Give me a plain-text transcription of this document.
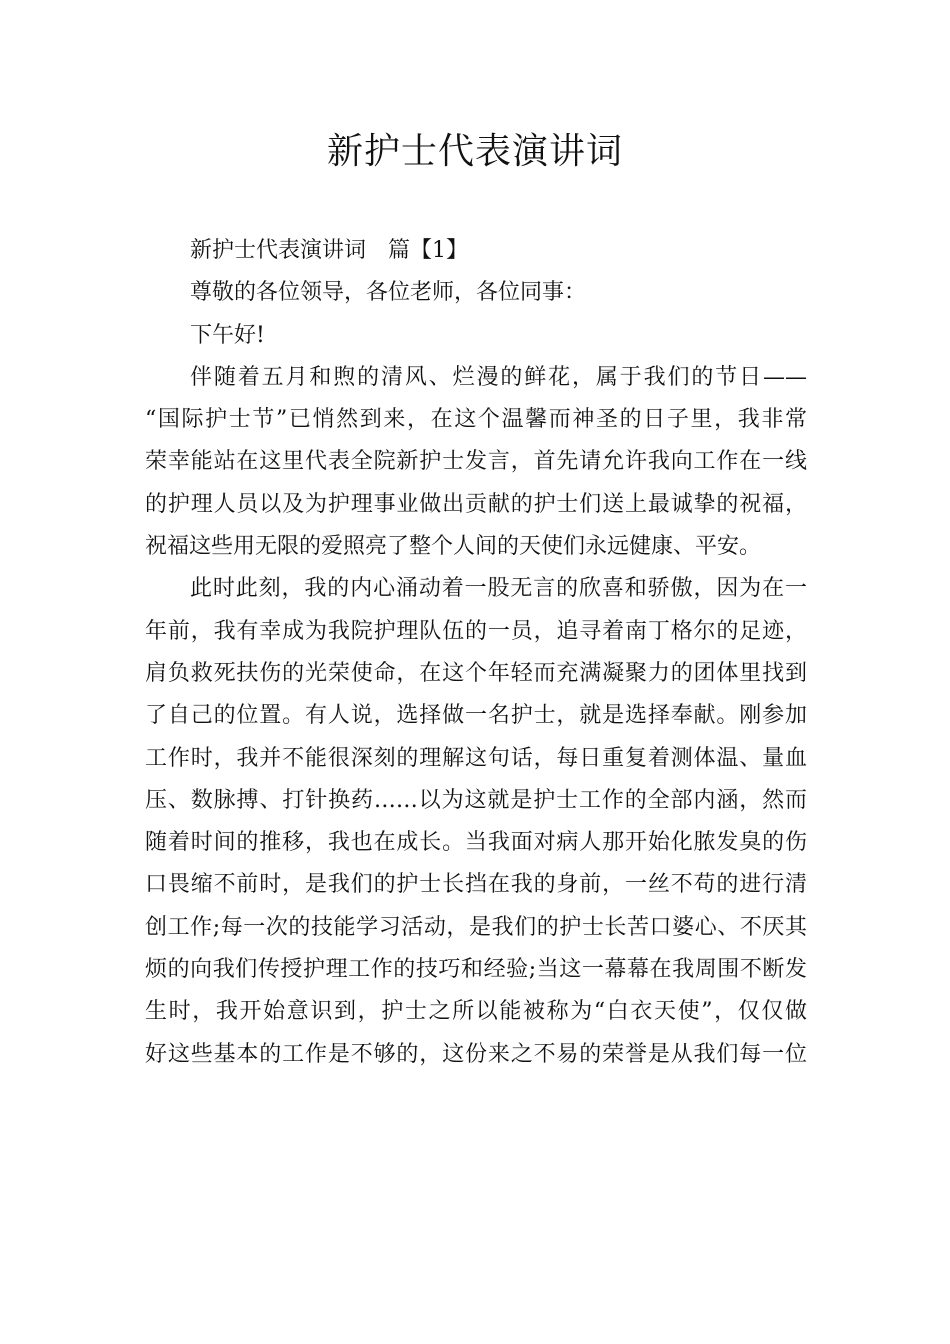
新护士代表演讲词
新护士代表演讲词　篇【1】
尊敬的各位领导，各位老师，各位同事：
下午好!
伴随着五月和煦的清风、烂漫的鲜花，属于我们的节日——
“国际护士节”已悄然到来，在这个温馨而神圣的日子里，我非常
荣幸能站在这里代表全院新护士发言，首先请允许我向工作在一线
的护理人员以及为护理事业做出贡献的护士们送上最诚挚的祝福，
祝福这些用无限的爱照亮了整个人间的天使们永远健康、平安。
此时此刻，我的内心涌动着一股无言的欣喜和骄傲，因为在一
年前，我有幸成为我院护理队伍的一员，追寻着南丁格尔的足迹，
肩负救死扶伤的光荣使命，在这个年轻而充满凝聚力的团体里找到
了自己的位置。有人说，选择做一名护士，就是选择奉献。刚参加
工作时，我并不能很深刻的理解这句话，每日重复着测体温、量血
压、数脉搏、打针换药……以为这就是护士工作的全部内涵，然而
随着时间的推移，我也在成长。当我面对病人那开始化脓发臭的伤
口畏缩不前时，是我们的护士长挡在我的身前，一丝不苟的进行清
创工作;每一次的技能学习活动，是我们的护士长苦口婆心、不厌其
烦的向我们传授护理工作的技巧和经验;当这一幕幕在我周围不断发
生时，我开始意识到，护士之所以能被称为“白衣天使”，仅仅做
好这些基本的工作是不够的，这份来之不易的荣誉是从我们每一位
